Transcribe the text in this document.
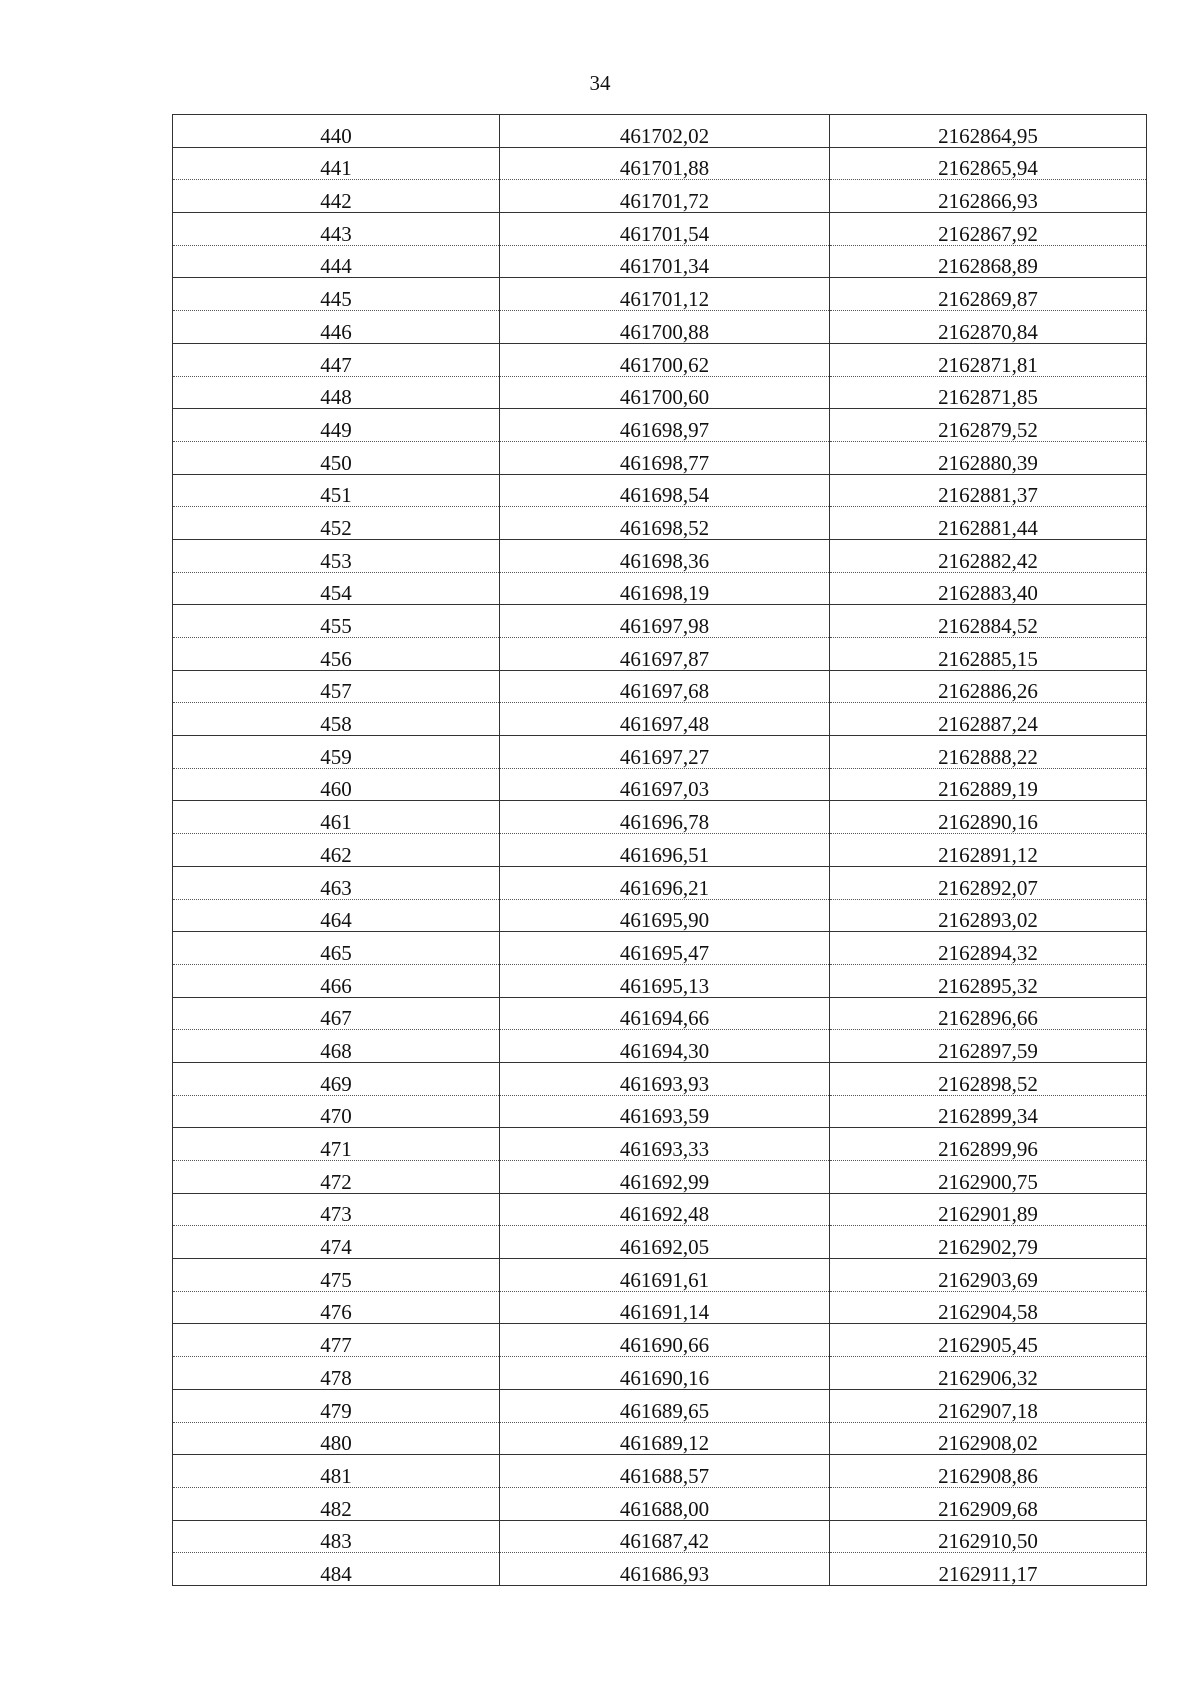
34
440	461702,02	2162864,95
441	461701,88	2162865,94
442	461701,72	2162866,93
443	461701,54	2162867,92
444	461701,34	2162868,89
445	461701,12	2162869,87
446	461700,88	2162870,84
447	461700,62	2162871,81
448	461700,60	2162871,85
449	461698,97	2162879,52
450	461698,77	2162880,39
451	461698,54	2162881,37
452	461698,52	2162881,44
453	461698,36	2162882,42
454	461698,19	2162883,40
455	461697,98	2162884,52
456	461697,87	2162885,15
457	461697,68	2162886,26
458	461697,48	2162887,24
459	461697,27	2162888,22
460	461697,03	2162889,19
461	461696,78	2162890,16
462	461696,51	2162891,12
463	461696,21	2162892,07
464	461695,90	2162893,02
465	461695,47	2162894,32
466	461695,13	2162895,32
467	461694,66	2162896,66
468	461694,30	2162897,59
469	461693,93	2162898,52
470	461693,59	2162899,34
471	461693,33	2162899,96
472	461692,99	2162900,75
473	461692,48	2162901,89
474	461692,05	2162902,79
475	461691,61	2162903,69
476	461691,14	2162904,58
477	461690,66	2162905,45
478	461690,16	2162906,32
479	461689,65	2162907,18
480	461689,12	2162908,02
481	461688,57	2162908,86
482	461688,00	2162909,68
483	461687,42	2162910,50
484	461686,93	2162911,17
